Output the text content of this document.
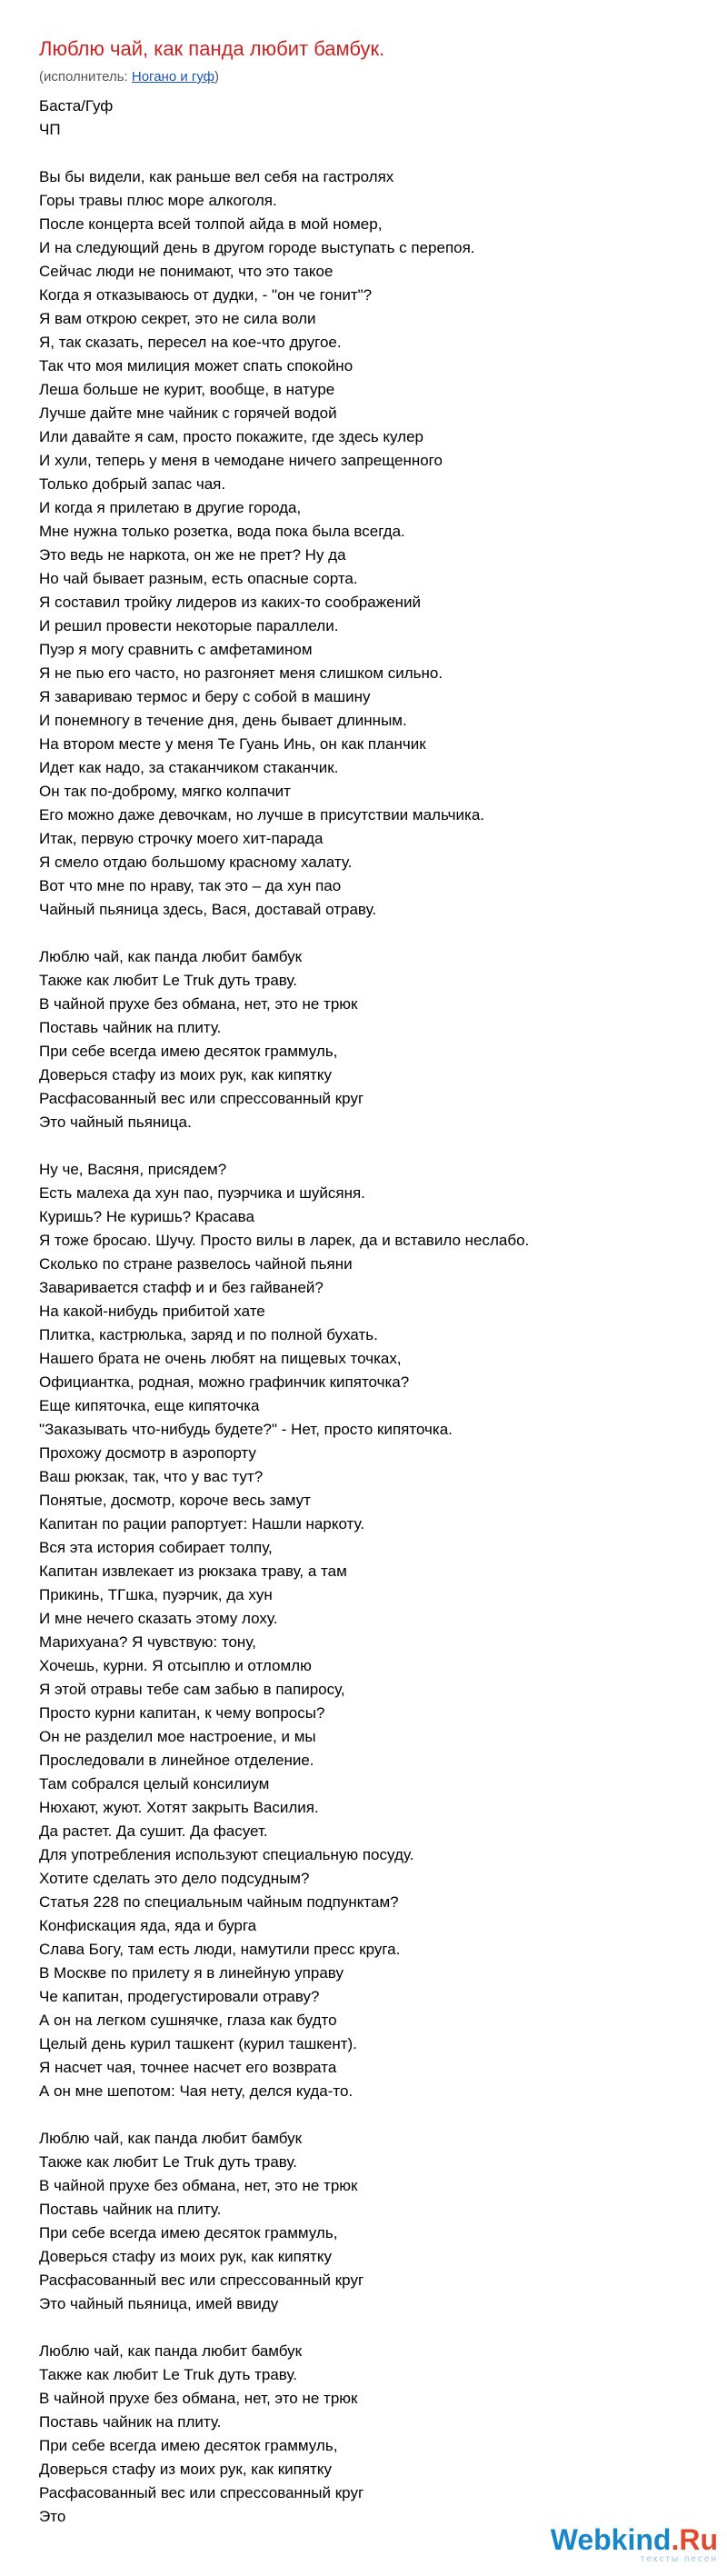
Люблю чай, как панда любит бамбук.
(исполнитель: Ногано и гуф)
Баста/Гуф
ЧП
Вы бы видели, как раньше вел себя на гастролях
Горы травы плюс море алкоголя.
После концерта всей толпой айда в мой номер,
И на следующий день в другом городе выступать с перепоя.
Сейчас люди не понимают, что это такое
Когда я отказываюсь от дудки, - "он че гонит"?
Я вам открою секрет, это не сила воли
Я, так сказать, пересел на кое-что другое.
Так что моя милиция может спать спокойно
Леша больше не курит, вообще, в натуре
Лучше дайте мне чайник с горячей водой
Или давайте я сам, просто покажите, где здесь кулер
И хули, теперь у меня в чемодане ничего запрещенного
Только добрый запас чая.
И когда я прилетаю в другие города,
Мне нужна только розетка, вода пока была всегда.
Это ведь не наркота, он же не прет? Ну да
Но чай бывает разным, есть опасные сорта.
Я составил тройку лидеров из каких-то соображений
И решил провести некоторые параллели.
Пуэр я могу сравнить с амфетамином
Я не пью его часто, но разгоняет меня слишком сильно.
Я завариваю термос и беру с собой в машину
И понемногу в течение дня, день бывает длинным.
На втором месте у меня Те Гуань Инь, он как планчик
Идет как надо, за стаканчиком стаканчик.
Он так по-доброму, мягко колпачит
Его можно даже девочкам, но лучше в присутствии мальчика.
Итак, первую строчку моего хит-парада
Я смело отдаю большому красному халату.
Вот что мне по нраву, так это – да хун пао
Чайный пьяница здесь, Вася, доставай отраву.
Люблю чай, как панда любит бамбук
Также как любит Le Truk дуть траву.
В чайной прухе без обмана, нет, это не трюк
Поставь чайник на плиту.
При себе всегда имею десяток граммуль,
Доверься стафу из моих рук, как кипятку
Расфасованный вес или спрессованный круг
Это чайный пьяница.
Ну че, Васяня, присядем?
Есть малеха да хун пао, пуэрчика и шуйсяня.
Куришь? Не куришь? Красава
Я тоже бросаю. Шучу. Просто вилы в ларек, да и вставило неслабо.
Сколько по стране развелось чайной пьяни
Заваривается стафф и и без гайваней?
На какой-нибудь прибитой хате
Плитка, кастрюлька, заряд и по полной бухать.
Нашего брата не очень любят на пищевых точках,
Официантка, родная, можно графинчик кипяточка?
Еще кипяточка, еще кипяточка
"Заказывать что-нибудь будете?" - Нет, просто кипяточка.
Прохожу досмотр в аэропорту
Ваш рюкзак, так, что у вас тут?
Понятые, досмотр, короче весь замут
Капитан по рации рапортует: Нашли наркоту.
Вся эта история собирает толпу,
Капитан извлекает из рюкзака траву, а там
Прикинь, ТГшка, пуэрчик, да хун
И мне нечего сказать этому лоху.
Марихуана? Я чувствую: тону,
Хочешь, курни. Я отсыплю и отломлю
Я этой отравы тебе сам забью в папиросу,
Просто курни капитан, к чему вопросы?
Он не разделил мое настроение, и мы
Проследовали в линейное отделение.
Там собрался целый консилиум
Нюхают, жуют. Хотят закрыть Василия.
Да растет. Да сушит. Да фасует.
Для употребления используют специальную посуду.
Хотите сделать это дело подсудным?
Статья 228 по специальным чайным подпунктам?
Конфискация яда, яда и бурга
Слава Богу, там есть люди, намутили пресс круга.
В Москве по прилету я в линейную управу
Че капитан, продегустировали отраву?
А он на легком сушнячке, глаза как будто
Целый день курил ташкент (курил ташкент).
Я насчет чая, точнее насчет его возврата
А он мне шепотом: Чая нету, делся куда-то.
Люблю чай, как панда любит бамбук
Также как любит Le Truk дуть траву.
В чайной прухе без обмана, нет, это не трюк
Поставь чайник на плиту.
При себе всегда имею десяток граммуль,
Доверься стафу из моих рук, как кипятку
Расфасованный вес или спрессованный круг
Это чайный пьяница, имей ввиду
Люблю чай, как панда любит бамбук
Также как любит Le Truk дуть траву.
В чайной прухе без обмана, нет, это не трюк
Поставь чайник на плиту.
При себе всегда имею десяток граммуль,
Доверься стафу из моих рук, как кипятку
Расфасованный вес или спрессованный круг
Это
Webkind.Ru
тексты песен
